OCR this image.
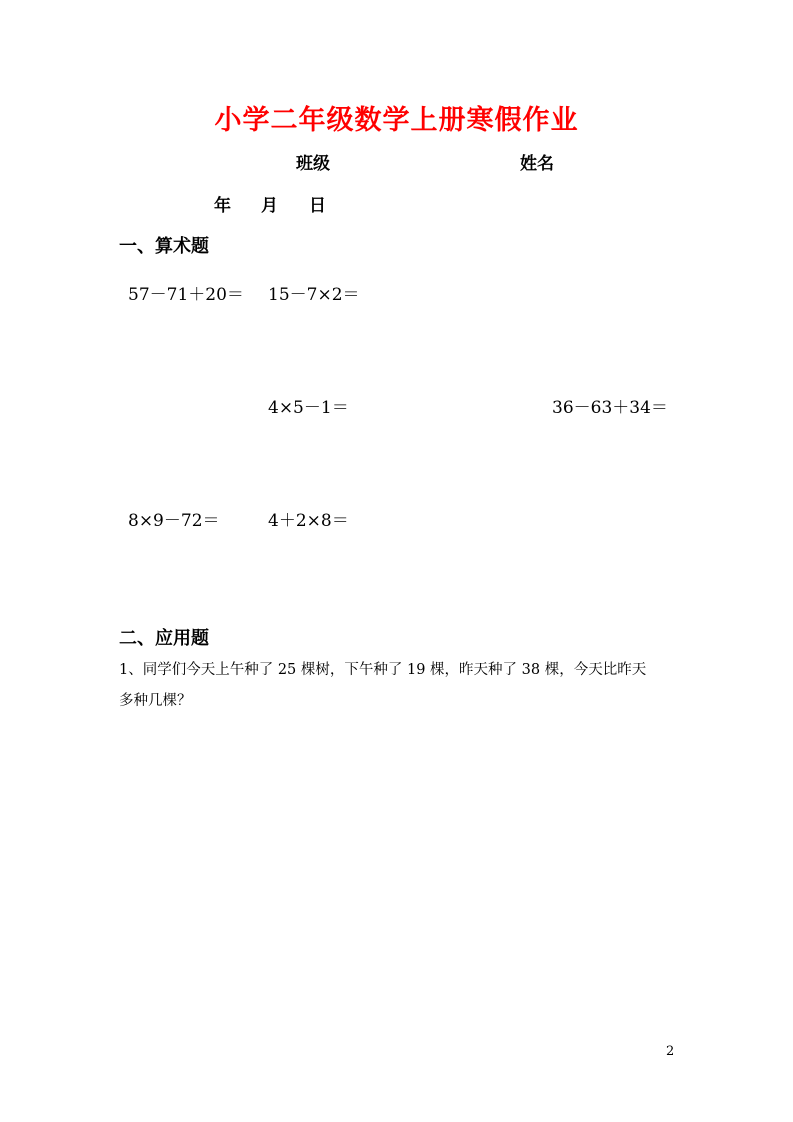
小学二年级数学上册寒假作业
班级	姓名
年 月 日
一、算术题
57－71＋20＝ 15－7×2＝
4×5－1＝	36－63＋34＝
8×9－72＝	4＋2×8＝
二、应用题
1、同学们今天上午种了 25 棵树，下午种了 19 棵，昨天种了 38 棵，今天比昨天
多种几棵？
2
